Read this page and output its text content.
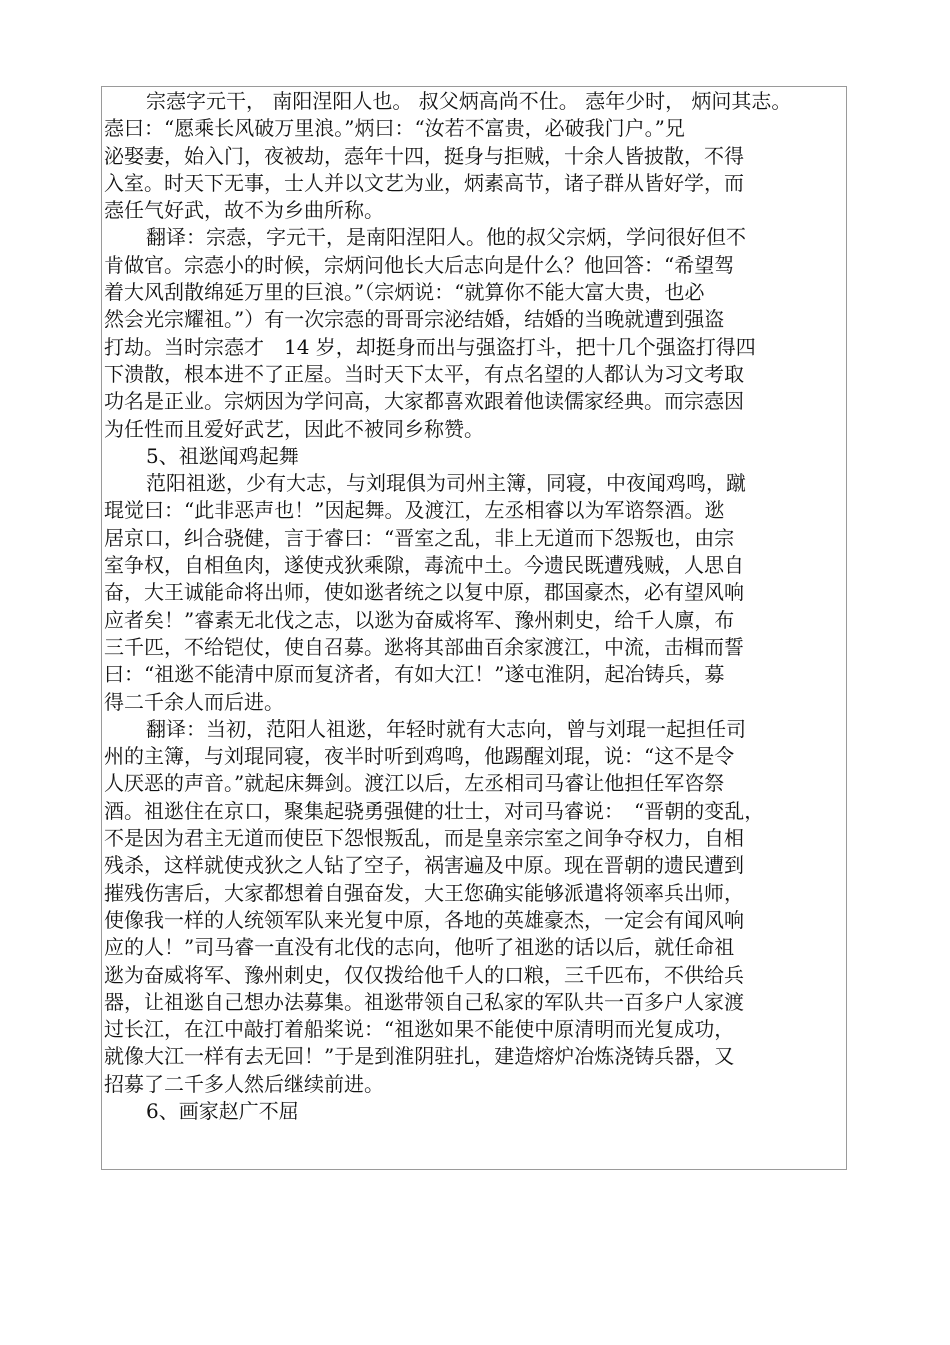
宗悫字元干， 南阳涅阳人也。 叔父炳高尚不仕。 悫年少时， 炳问其志。

悫曰：“愿乘长风破万里浪。”炳曰：“汝若不富贵，必破我门户。”兄

泌娶妻，始入门，夜被劫，悫年十四，挺身与拒贼，十余人皆披散，不得

入室。时天下无事，士人并以文艺为业，炳素高节，诸子群从皆好学，而

悫任气好武，故不为乡曲所称。

翻译：宗悫，字元干，是南阳涅阳人。他的叔父宗炳，学问很好但不

肯做官。宗悫小的时候，宗炳问他长大后志向是什么？他回答：“希望驾

着大风刮散绵延万里的巨浪。”（宗炳说：“就算你不能大富大贵，也必

然会光宗耀祖。”）有一次宗悫的哥哥宗泌结婚，结婚的当晚就遭到强盗

打劫。当时宗悫才　14 岁，却挺身而出与强盗打斗，把十几个强盗打得四

下溃散，根本进不了正屋。当时天下太平，有点名望的人都认为习文考取

功名是正业。宗炳因为学问高，大家都喜欢跟着他读儒家经典。而宗悫因

为任性而且爱好武艺，因此不被同乡称赞。

5、祖逖闻鸡起舞

范阳祖逖，少有大志，与刘琨俱为司州主簿，同寝，中夜闻鸡鸣，蹴

琨觉曰：“此非恶声也！”因起舞。及渡江，左丞相睿以为军谘祭酒。逖

居京口，纠合骁健，言于睿曰：“晋室之乱，非上无道而下怨叛也，由宗

室争权，自相鱼肉，遂使戎狄乘隙，毒流中土。今遗民既遭残贼，人思自

奋，大王诚能命将出师，使如逖者统之以复中原，郡国豪杰，必有望风响

应者矣！”睿素无北伐之志，以逖为奋威将军、豫州刺史，给千人廪，布

三千匹，不给铠仗，使自召募。逖将其部曲百余家渡江，中流，击楫而誓

曰：“祖逖不能清中原而复济者，有如大江！”遂屯淮阴，起冶铸兵，募

得二千余人而后进。

翻译：当初，范阳人祖逖，年轻时就有大志向，曾与刘琨一起担任司

州的主簿，与刘琨同寝，夜半时听到鸡鸣，他踢醒刘琨，说：“这不是令

人厌恶的声音。”就起床舞剑。渡江以后，左丞相司马睿让他担任军咨祭

酒。祖逖住在京口，聚集起骁勇强健的壮士，对司马睿说：　“晋朝的变乱，

不是因为君主无道而使臣下怨恨叛乱，而是皇亲宗室之间争夺权力，自相

残杀，这样就使戎狄之人钻了空子，祸害遍及中原。现在晋朝的遗民遭到

摧残伤害后，大家都想着自强奋发，大王您确实能够派遣将领率兵出师，

使像我一样的人统领军队来光复中原，各地的英雄豪杰，一定会有闻风响

应的人！”司马睿一直没有北伐的志向，他听了祖逖的话以后，就任命祖

逖为奋威将军、豫州刺史，仅仅拨给他千人的口粮，三千匹布，不供给兵

器，让祖逖自己想办法募集。祖逖带领自己私家的军队共一百多户人家渡

过长江，在江中敲打着船桨说：“祖逖如果不能使中原清明而光复成功，

就像大江一样有去无回！”于是到淮阴驻扎，建造熔炉冶炼浇铸兵器，又

招募了二千多人然后继续前进。

6、画家赵广不屈
